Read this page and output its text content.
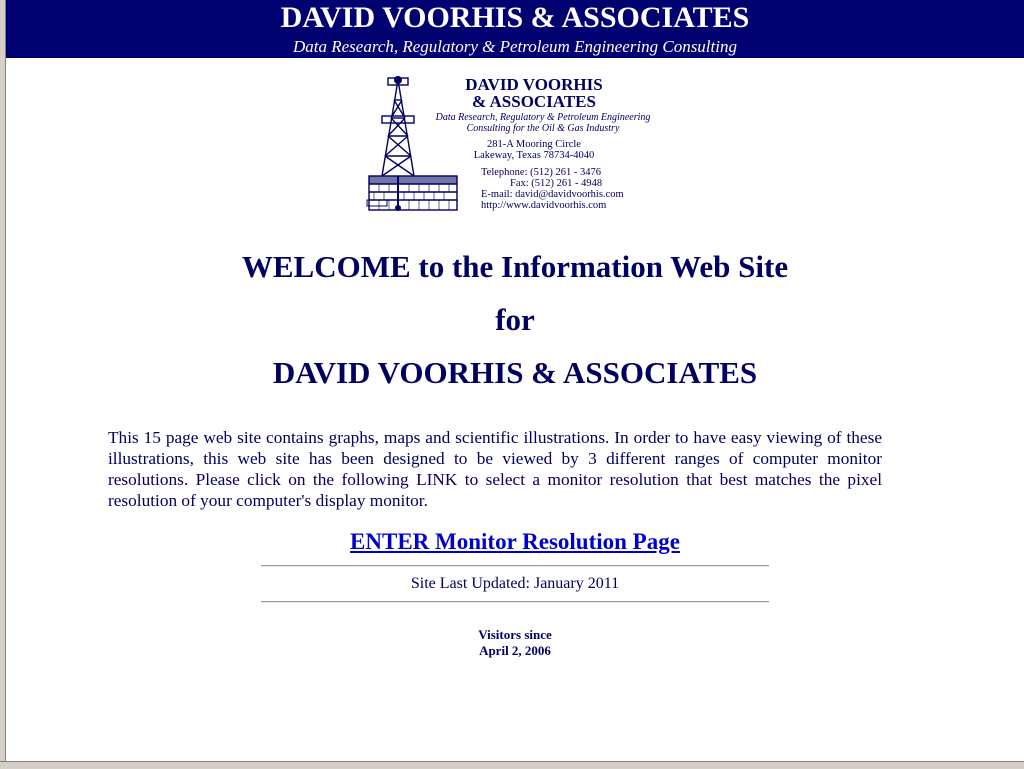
DAVID VOORHIS & ASSOCIATES
Data Research, Regulatory & Petroleum Engineering Consulting
DAVID VOORHIS
& ASSOCIATES
Data Research, Regulatory & Petroleum Engineering
Consulting for the Oil & Gas Industry
281-A Mooring Circle
Lakeway, Texas 78734-4040
Telephone: (512) 261 - 3476
Fax: (512) 261 - 4948
E-mail: david@davidvoorhis.com
http://www.davidvoorhis.com
WELCOME to the Information Web Site
for
DAVID VOORHIS & ASSOCIATES

This 15 page web site contains graphs, maps and scientific illustrations. In order to have easy viewing of these illustrations, this web site has been designed to be viewed by 3 different ranges of computer monitor resolutions. Please click on the following LINK to select a monitor resolution that best matches the pixel resolution of your computer's display monitor.

ENTER Monitor Resolution Page
Site Last Updated: January 2011
Visitors since
April 2, 2006
